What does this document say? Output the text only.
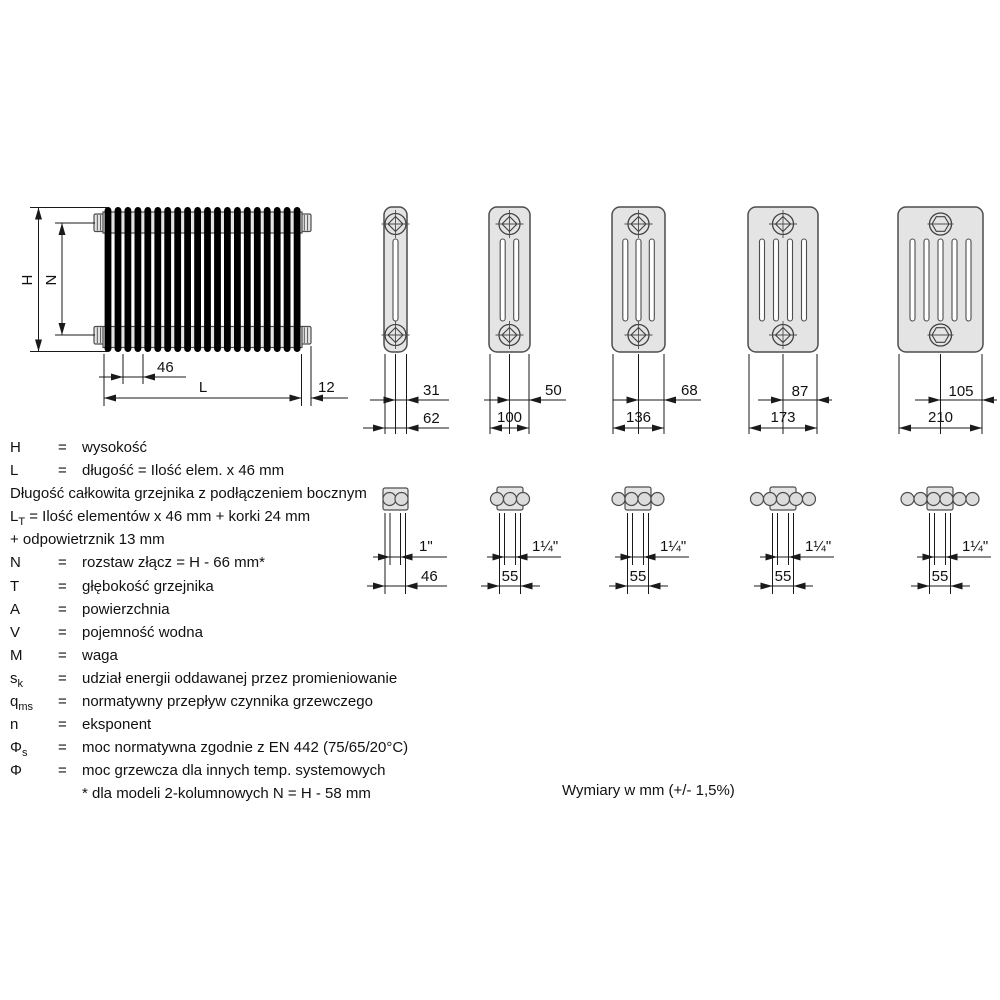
H N
46
L	12	31
62
50
100
68
136
87
173
105
210
1"
46
1¼"
55
1¼"
55
1¼"
55
1¼"
55
Wymiary w mm (+/- 1,5%)
H	=	wysokość
L	=	długość = Ilość elem. x 46 mm
Długość całkowita grzejnika z podłączeniem bocznym
$L_T$ = Ilość elementów x 46 mm + korki 24 mm
+ odpowietrznik 13 mm
N	=	rozstaw złącz = H - 66 mm*
T	=	głębokość grzejnika
A	=	powierzchnia
V	=	pojemność wodna
M	=	waga
$s_k$	=	udział energii oddawanej przez promieniowanie
$q_{ms}$	=	normatywny przepływ czynnika grzewczego
n	=	eksponent
$\Phi_s$	=	moc normatywna zgodnie z EN 442 (75/65/20°C)
Φ	=	moc grzewcza dla innych temp. systemowych
* dla modeli 2-kolumnowych N = H - 58 mm
